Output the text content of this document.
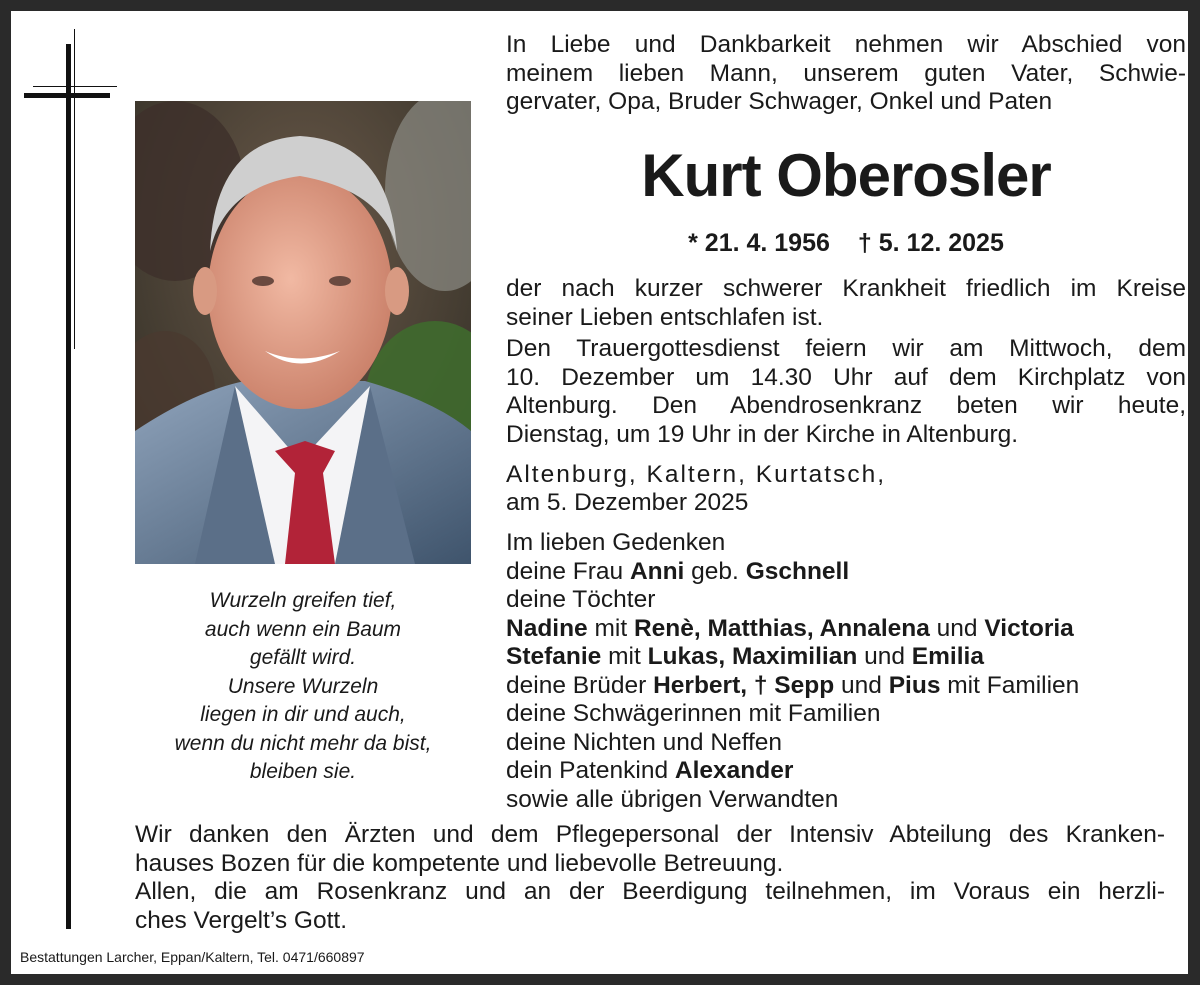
Wurzeln greifen tief,
auch wenn ein Baum
gefällt wird.
Unsere Wurzeln
liegen in dir und auch,
wenn du nicht mehr da bist,
bleiben sie.
In Liebe und Dankbarkeit nehmen wir Abschied von
meinem lieben Mann, unserem guten Vater, Schwie-
gervater, Opa, Bruder Schwager, Onkel und Paten
Kurt Oberosler
* 21. 4. 1956 † 5. 12. 2025
der nach kurzer schwerer Krankheit friedlich im Kreise
seiner Lieben entschlafen ist.
Den Trauergottesdienst feiern wir am Mittwoch, dem
10. Dezember um 14.30 Uhr auf dem Kirchplatz von
Altenburg. Den Abendrosenkranz beten wir heute,
Dienstag, um 19 Uhr in der Kirche in Altenburg.
Altenburg, Kaltern, Kurtatsch,
am 5. Dezember 2025
Im lieben Gedenken
deine Frau Anni geb. Gschnell
deine Töchter
Nadine mit Renè, Matthias, Annalena und Victoria
Stefanie mit Lukas, Maximilian und Emilia
deine Brüder Herbert, † Sepp und Pius mit Familien
deine Schwägerinnen mit Familien
deine Nichten und Neffen
dein Patenkind Alexander
sowie alle übrigen Verwandten
Wir danken den Ärzten und dem Pflegepersonal der Intensiv Abteilung des Kranken-
hauses Bozen für die kompetente und liebevolle Betreuung.
Allen, die am Rosenkranz und an der Beerdigung teilnehmen, im Voraus ein herzli-
ches Vergelt’s Gott.
Bestattungen Larcher, Eppan/Kaltern, Tel. 0471/660897
